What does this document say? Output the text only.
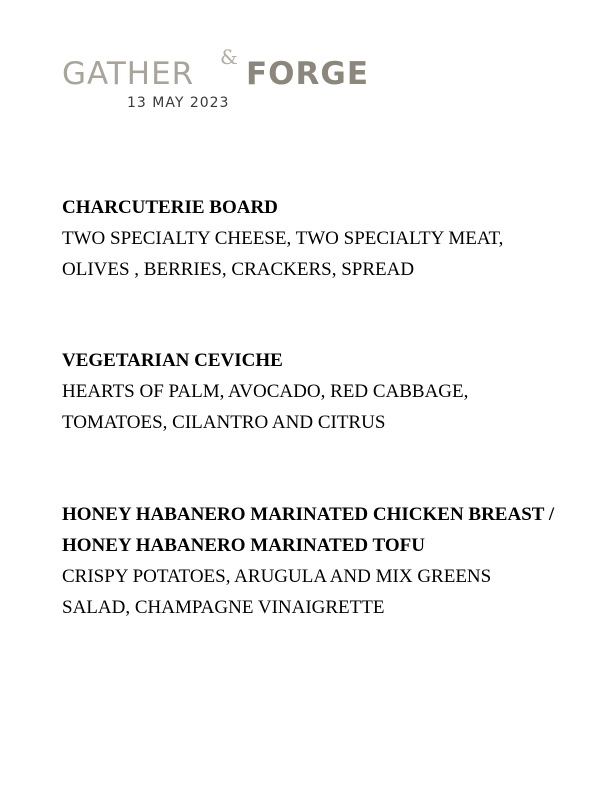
GATHER & FORGE
13 MAY 2023
CHARCUTERIE BOARD
TWO SPECIALTY CHEESE, TWO SPECIALTY MEAT, OLIVES , BERRIES, CRACKERS, SPREAD
VEGETARIAN CEVICHE
HEARTS OF PALM, AVOCADO, RED CABBAGE, TOMATOES, CILANTRO AND CITRUS
HONEY HABANERO MARINATED CHICKEN BREAST / HONEY HABANERO MARINATED TOFU
CRISPY POTATOES, ARUGULA AND MIX GREENS SALAD, CHAMPAGNE VINAIGRETTE
